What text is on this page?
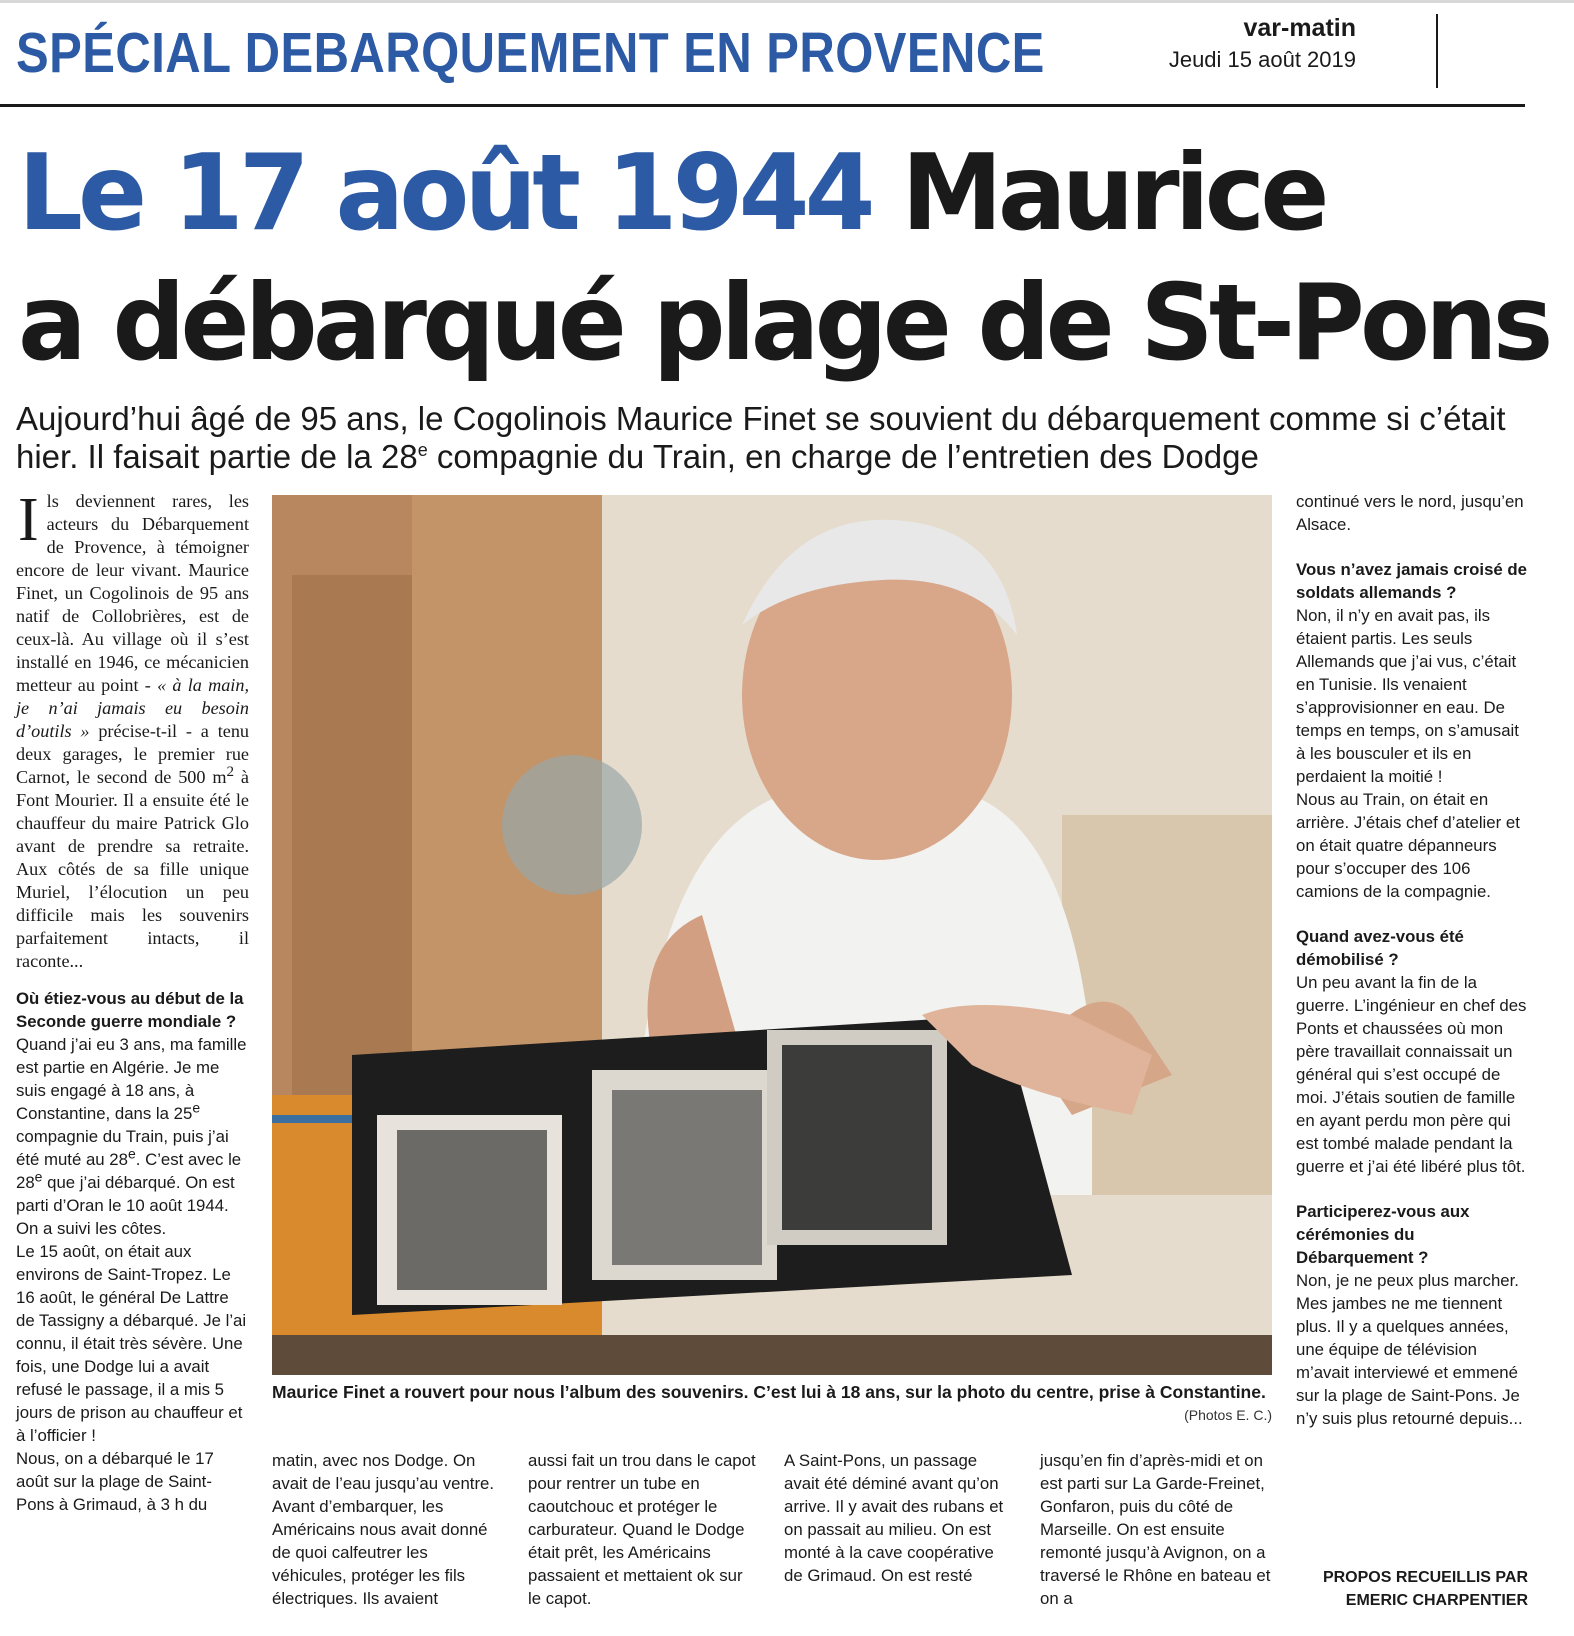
SPÉCIAL DEBARQUEMENT EN PROVENCE	var-matin
Jeudi 15 août 2019
Le 17 août 1944 Maurice
a débarqué plage de St-Pons
Aujourd’hui âgé de 95 ans, le Cogolinois Maurice Finet se souvient du débarquement comme si c’était hier. Il faisait partie de la 28e compagnie du Train, en charge de l’entretien des Dodge
Ils deviennent rares, les acteurs du Débarquement de Provence, à témoigner encore de leur vivant. Maurice Finet, un Cogolinois de 95 ans natif de Collobrières, est de ceux-là. Au village où il s’est installé en 1946, ce mécanicien metteur au point - « à la main, je n’ai jamais eu besoin d’outils » précise-t-il - a tenu deux garages, le premier rue Carnot, le second de 500 $m^2$ à Font Mourier. Il a ensuite été le chauffeur du maire Patrick Glo avant de prendre sa retraite. Aux côtés de sa fille unique Muriel, l’élocution un peu difficile mais les souvenirs parfaitement intacts, il raconte...
Où étiez-vous au début de la Seconde guerre mondiale ?
Quand j’ai eu 3 ans, ma famille est partie en Algérie. Je me suis engagé à 18 ans, à Constantine, dans la 25e compagnie du Train, puis j’ai été muté au 28e. C’est avec le 28e que j’ai débarqué. On est parti d’Oran le 10 août 1944. On a suivi les côtes.
Le 15 août, on était aux environs de Saint-Tropez. Le 16 août, le général De Lattre de Tassigny a débarqué. Je l’ai connu, il était très sévère. Une fois, une Dodge lui a avait refusé le passage, il a mis 5 jours de prison au chauffeur et à l’officier !
Nous, on a débarqué le 17 août sur la plage de Saint-Pons à Grimaud, à 3 h du
Maurice Finet a rouvert pour nous l’album des souvenirs. C’est lui à 18 ans, sur la photo du centre, prise à Constantine.
(Photos E. C.)
matin, avec nos Dodge. On avait de l’eau jusqu’au ventre. Avant d’embarquer, les Américains nous avait donné de quoi calfeutrer les véhicules, protéger les fils électriques. Ils avaient
aussi fait un trou dans le capot pour rentrer un tube en caoutchouc et protéger le carburateur. Quand le Dodge était prêt, les Américains passaient et mettaient ok sur le capot.
A Saint-Pons, un passage avait été déminé avant qu’on arrive. Il y avait des rubans et on passait au milieu. On est monté à la cave coopérative de Grimaud. On est resté
jusqu’en fin d’après-midi et on est parti sur La Garde-Freinet, Gonfaron, puis du côté de Marseille. On est ensuite remonté jusqu’à Avignon, on a traversé le Rhône en bateau et on a
continué vers le nord, jusqu’en Alsace.
Vous n’avez jamais croisé de soldats allemands ?
Non, il n’y en avait pas, ils étaient partis. Les seuls Allemands que j’ai vus, c’était en Tunisie. Ils venaient s’approvisionner en eau. De temps en temps, on s’amusait à les bousculer et ils en perdaient la moitié !
Nous au Train, on était en arrière. J’étais chef d’atelier et on était quatre dépanneurs pour s’occuper des 106 camions de la compagnie.
Quand avez-vous été démobilisé ?
Un peu avant la fin de la guerre. L’ingénieur en chef des Ponts et chaussées où mon père travaillait connaissait un général qui s’est occupé de moi. J’étais soutien de famille en ayant perdu mon père qui est tombé malade pendant la guerre et j’ai été libéré plus tôt.
Participerez-vous aux cérémonies du Débarquement ?
Non, je ne peux plus marcher. Mes jambes ne me tiennent plus. Il y a quelques années, une équipe de télévision m’avait interviewé et emmené sur la plage de Saint-Pons. Je n’y suis plus retourné depuis...
PROPOS RECUEILLIS PAR
EMERIC CHARPENTIER
